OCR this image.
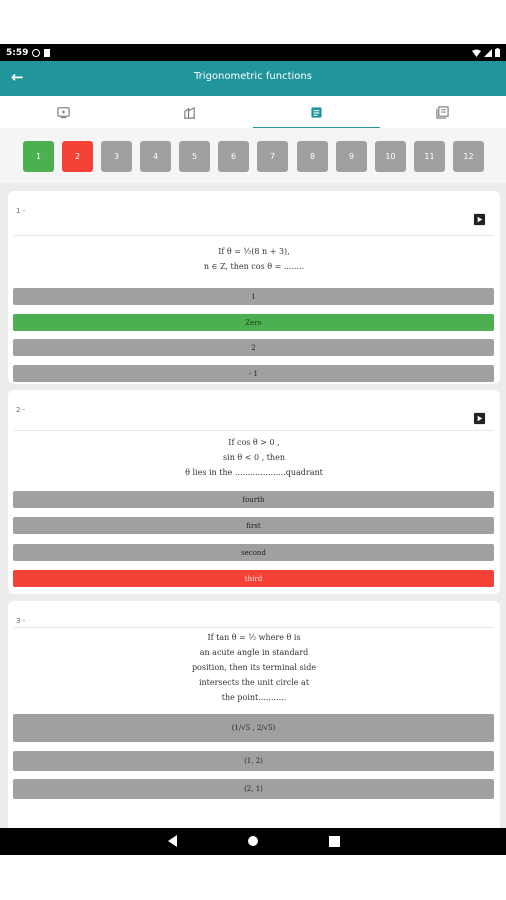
5:59
←	Trigonometric functions
1	2	3	4	5	6	7	8	9	10	11	12
1 -
If θ = ½(8 n + 3),
n ∈ Z, then cos θ = ........
1
Zero
2
- 1
2 -
If cos θ > 0 ,
sin θ < 0 , then
θ lies in the ....................quadrant
fourth
first
second
third
3 -
If tan θ = ½ where θ is
an acute angle in standard
position, then its terminal side
intersects the unit circle at
the point...........
(1/√5 , 2/√5)
(1, 2)
(2, 1)
